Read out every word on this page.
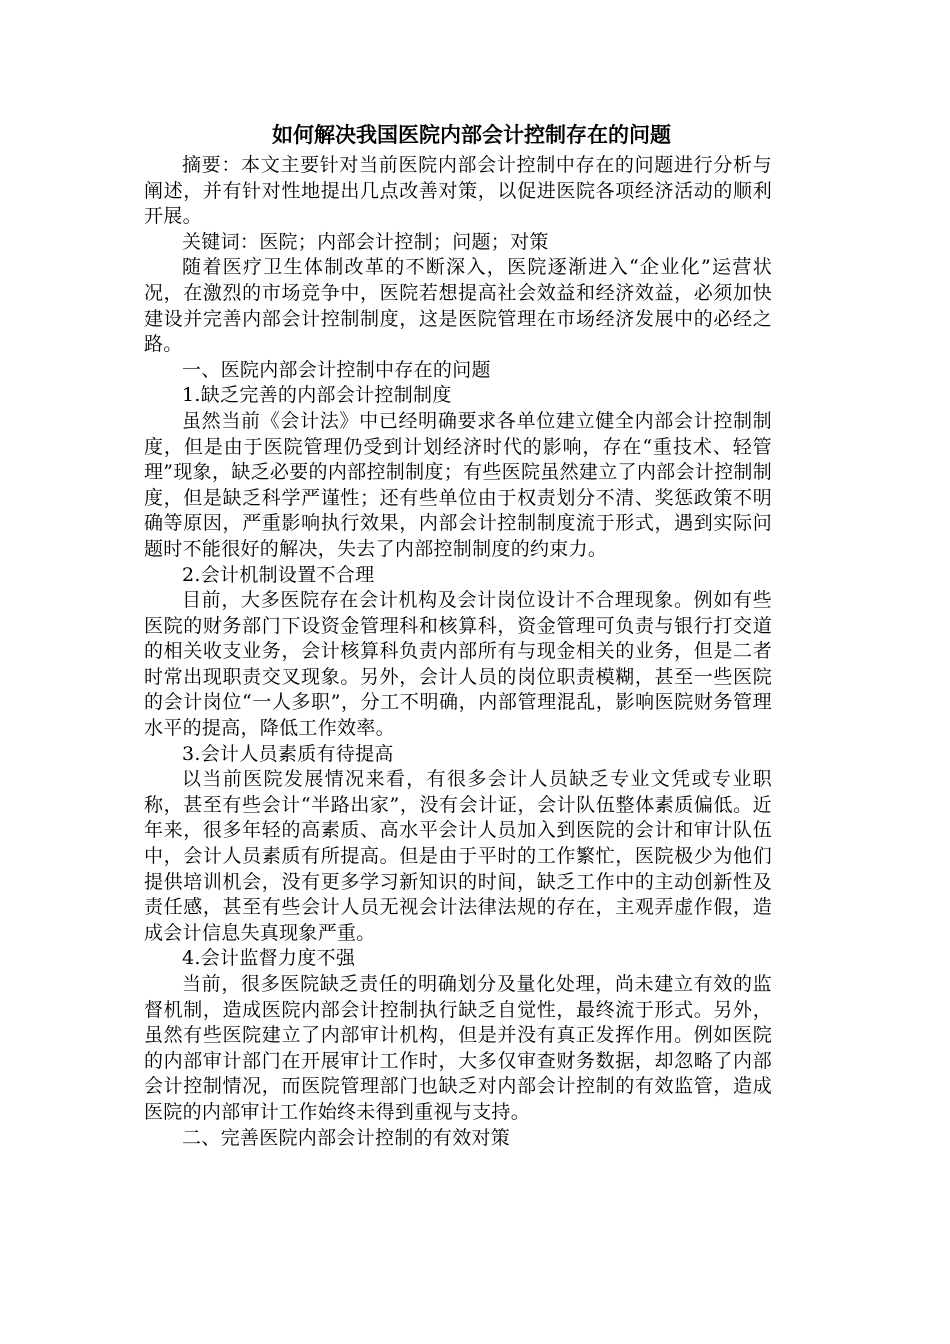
如何解决我国医院内部会计控制存在的问题

摘要：本文主要针对当前医院内部会计控制中存在的问题进行分析与阐述，并有针对性地提出几点改善对策，以促进医院各项经济活动的顺利开展。

关键词：医院；内部会计控制；问题；对策

随着医疗卫生体制改革的不断深入，医院逐渐进入“企业化”运营状况，在激烈的市场竞争中，医院若想提高社会效益和经济效益，必须加快建设并完善内部会计控制制度，这是医院管理在市场经济发展中的必经之路。

一、医院内部会计控制中存在的问题

1.缺乏完善的内部会计控制制度

虽然当前《会计法》中已经明确要求各单位建立健全内部会计控制制度，但是由于医院管理仍受到计划经济时代的影响，存在“重技术、轻管理”现象，缺乏必要的内部控制制度；有些医院虽然建立了内部会计控制制度，但是缺乏科学严谨性；还有些单位由于权责划分不清、奖惩政策不明确等原因，严重影响执行效果，内部会计控制制度流于形式，遇到实际问题时不能很好的解决，失去了内部控制制度的约束力。

2.会计机制设置不合理

目前，大多医院存在会计机构及会计岗位设计不合理现象。例如有些医院的财务部门下设资金管理科和核算科，资金管理可负责与银行打交道的相关收支业务，会计核算科负责内部所有与现金相关的业务，但是二者时常出现职责交叉现象。另外，会计人员的岗位职责模糊，甚至一些医院的会计岗位“一人多职”，分工不明确，内部管理混乱，影响医院财务管理水平的提高，降低工作效率。

3.会计人员素质有待提高

以当前医院发展情况来看，有很多会计人员缺乏专业文凭或专业职称，甚至有些会计“半路出家”，没有会计证，会计队伍整体素质偏低。近年来，很多年轻的高素质、高水平会计人员加入到医院的会计和审计队伍中，会计人员素质有所提高。但是由于平时的工作繁忙，医院极少为他们提供培训机会，没有更多学习新知识的时间，缺乏工作中的主动创新性及责任感，甚至有些会计人员无视会计法律法规的存在，主观弄虚作假，造成会计信息失真现象严重。

4.会计监督力度不强

当前，很多医院缺乏责任的明确划分及量化处理，尚未建立有效的监督机制，造成医院内部会计控制执行缺乏自觉性，最终流于形式。另外，虽然有些医院建立了内部审计机构，但是并没有真正发挥作用。例如医院的内部审计部门在开展审计工作时，大多仅审查财务数据，却忽略了内部会计控制情况，而医院管理部门也缺乏对内部会计控制的有效监管，造成医院的内部审计工作始终未得到重视与支持。

二、完善医院内部会计控制的有效对策
